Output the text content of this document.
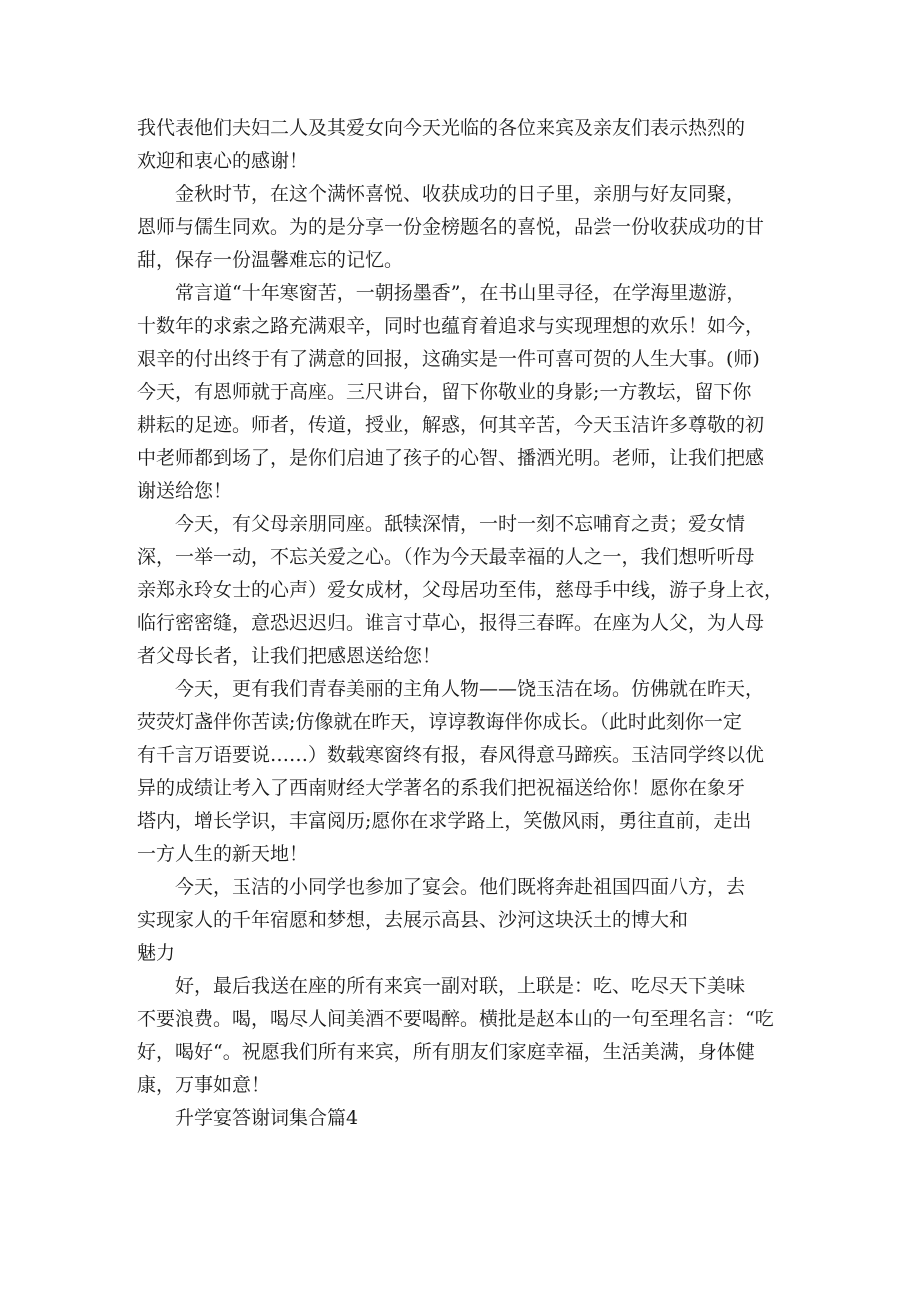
我代表他们夫妇二人及其爱女向今天光临的各位来宾及亲友们表示热烈的
欢迎和衷心的感谢！

金秋时节，在这个满怀喜悦、收获成功的日子里，亲朋与好友同聚，
恩师与儒生同欢。为的是分享一份金榜题名的喜悦，品尝一份收获成功的甘
甜，保存一份温馨难忘的记忆。

常言道“十年寒窗苦，一朝扬墨香”，在书山里寻径，在学海里遨游，
十数年的求索之路充满艰辛，同时也蕴育着追求与实现理想的欢乐！如今，
艰辛的付出终于有了满意的回报，这确实是一件可喜可贺的人生大事。(师)
今天，有恩师就于高座。三尺讲台，留下你敬业的身影;一方教坛，留下你
耕耘的足迹。师者，传道，授业，解惑，何其辛苦，今天玉洁许多尊敬的初
中老师都到场了，是你们启迪了孩子的心智、播洒光明。老师，让我们把感
谢送给您！

今天，有父母亲朋同座。舐犊深情，一时一刻不忘哺育之责；爱女情
深，一举一动，不忘关爱之心。（作为今天最幸福的人之一，我们想听听母
亲郑永玲女士的心声）爱女成材，父母居功至伟，慈母手中线，游子身上衣，
临行密密缝，意恐迟迟归。谁言寸草心，报得三春晖。在座为人父，为人母
者父母长者，让我们把感恩送给您！

今天，更有我们青春美丽的主角人物——饶玉洁在场。仿佛就在昨天，
荧荧灯盏伴你苦读;仿像就在昨天，谆谆教诲伴你成长。（此时此刻你一定
有千言万语要说……）数载寒窗终有报，春风得意马蹄疾。玉洁同学终以优
异的成绩让考入了西南财经大学著名的系我们把祝福送给你！愿你在象牙
塔内，增长学识，丰富阅历;愿你在求学路上，笑傲风雨，勇往直前，走出
一方人生的新天地！

今天，玉洁的小同学也参加了宴会。他们既将奔赴祖国四面八方，去
实现家人的千年宿愿和梦想，去展示高县、沙河这块沃土的博大和
魅力

好，最后我送在座的所有来宾一副对联，上联是：吃、吃尽天下美味
不要浪费。喝，喝尽人间美酒不要喝醉。横批是赵本山的一句至理名言：“吃
好，喝好“。祝愿我们所有来宾，所有朋友们家庭幸福，生活美满，身体健
康，万事如意！

升学宴答谢词集合篇4
